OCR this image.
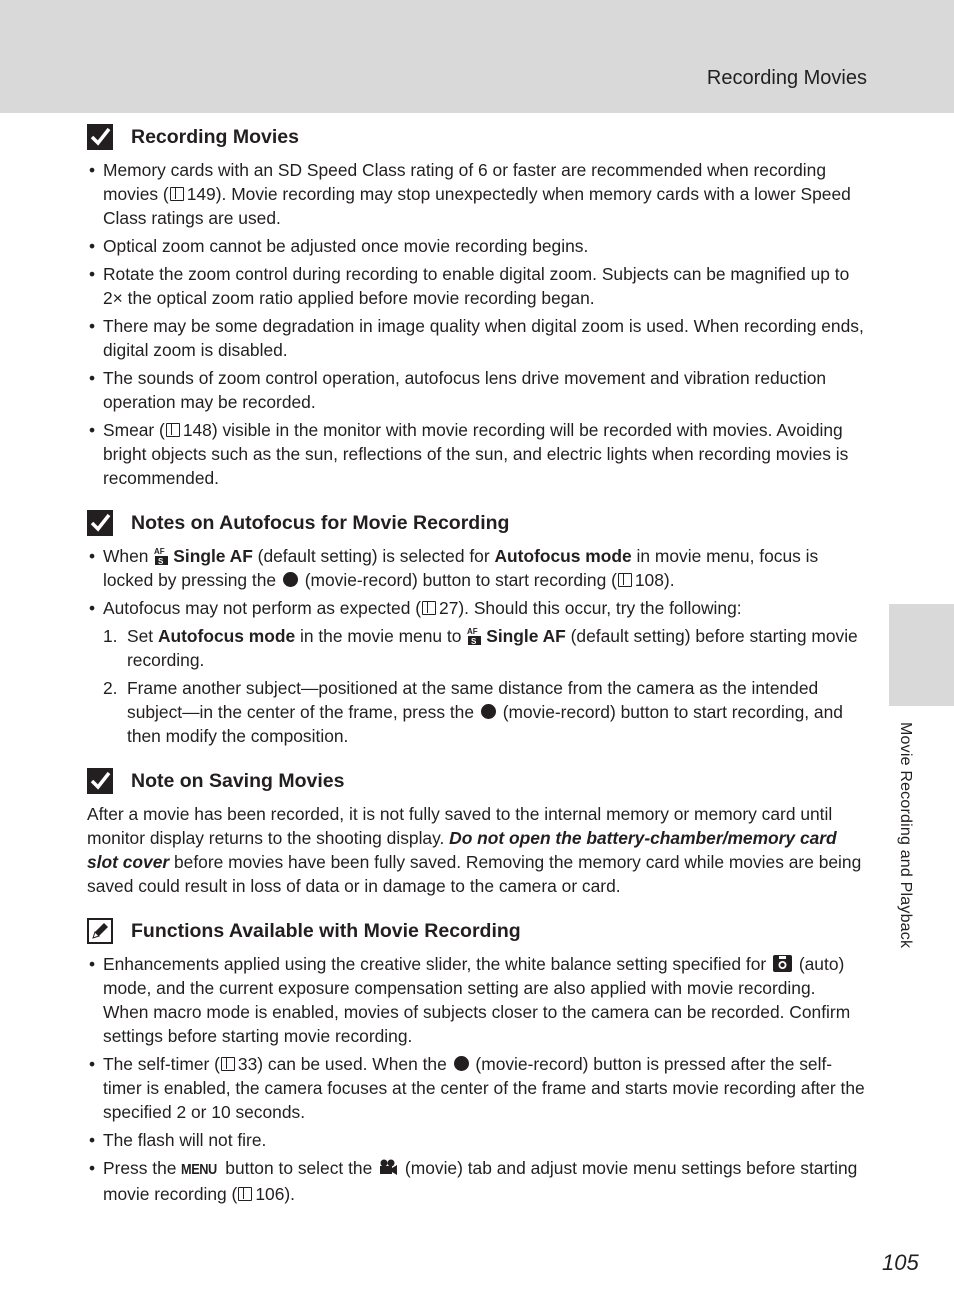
Recording Movies
Movie Recording and Playback
105
Recording Movies
• Memory cards with an SD Speed Class rating of 6 or faster are recommended when recording movies ( 149). Movie recording may stop unexpectedly when memory cards with a lower Speed Class ratings are used.
• Optical zoom cannot be adjusted once movie recording begins.
• Rotate the zoom control during recording to enable digital zoom. Subjects can be magnified up to 2× the optical zoom ratio applied before movie recording began.
• There may be some degradation in image quality when digital zoom is used. When recording ends, digital zoom is disabled.
• The sounds of zoom control operation, autofocus lens drive movement and vibration reduction operation may be recorded.
• Smear ( 148) visible in the monitor with movie recording will be recorded with movies. Avoiding bright objects such as the sun, reflections of the sun, and electric lights when recording movies is recommended.
Notes on Autofocus for Movie Recording
• When AF
S Single AF (default setting) is selected for Autofocus mode in movie menu, focus is locked by pressing the  (movie-record) button to start recording ( 108).
• Autofocus may not perform as expected ( 27). Should this occur, try the following:
1. Set Autofocus mode in the movie menu to AF
S Single AF (default setting) before starting movie recording.
2. Frame another subject—positioned at the same distance from the camera as the intended subject—in the center of the frame, press the  (movie-record) button to start recording, and then modify the composition.
Note on Saving Movies

After a movie has been recorded, it is not fully saved to the internal memory or memory card until monitor display returns to the shooting display. Do not open the battery-chamber/memory card slot cover before movies have been fully saved. Removing the memory card while movies are being saved could result in loss of data or in damage to the camera or card.

Functions Available with Movie Recording
• Enhancements applied using the creative slider, the white balance setting specified for  (auto) mode, and the current exposure compensation setting are also applied with movie recording. When macro mode is enabled, movies of subjects closer to the camera can be recorded. Confirm settings before starting movie recording.
• The self-timer ( 33) can be used. When the  (movie-record) button is pressed after the self-timer is enabled, the camera focuses at the center of the frame and starts movie recording after the specified 2 or 10 seconds.
• The flash will not fire.
• Press the MENU button to select the  (movie) tab and adjust movie menu settings before starting movie recording ( 106).
